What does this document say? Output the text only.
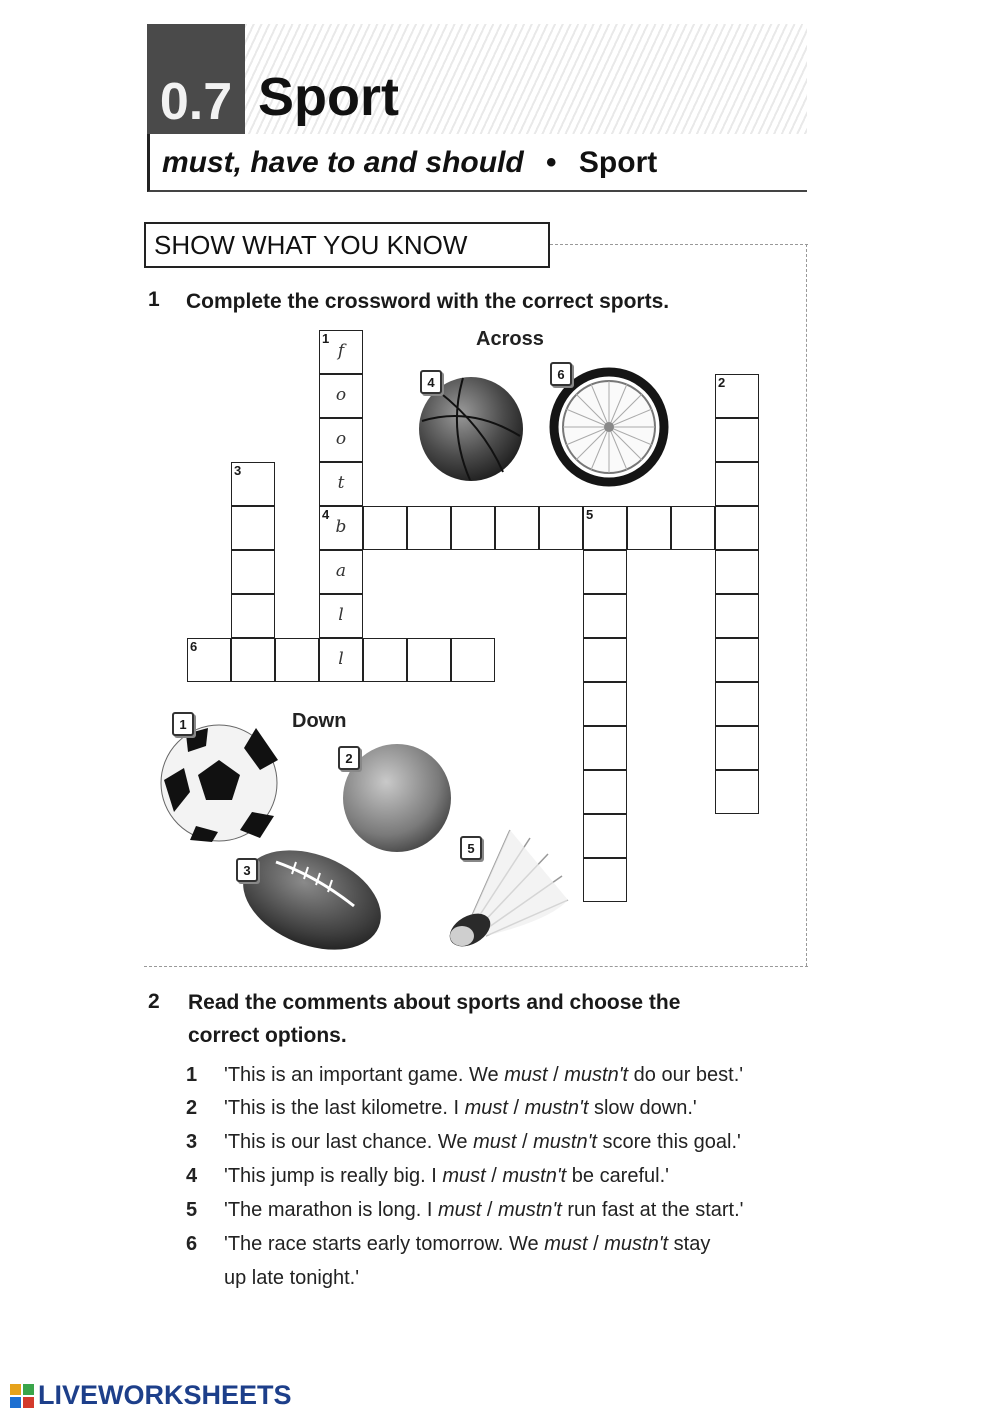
0.7 Sport
must, have to and should • Sport
SHOW WHAT YOU KNOW
1 Complete the crossword with the correct sports.
Across
Down
1
f
o
o
t
4
b
5
a
l
3
6
l
2
4
6
1
2
3
5
2 Read the comments about sports and choose the
correct options.
1	'This is an important game. We must / mustn't do our best.'
2	'This is the last kilometre. I must / mustn't slow down.'
3	'This is our last chance. We must / mustn't score this goal.'
4	'This jump is really big. I must / mustn't be careful.'
5	'The marathon is long. I must / mustn't run fast at the start.'
6	'The race starts early tomorrow. We must / mustn't stay
up late tonight.'
LIVEWORKSHEETS
